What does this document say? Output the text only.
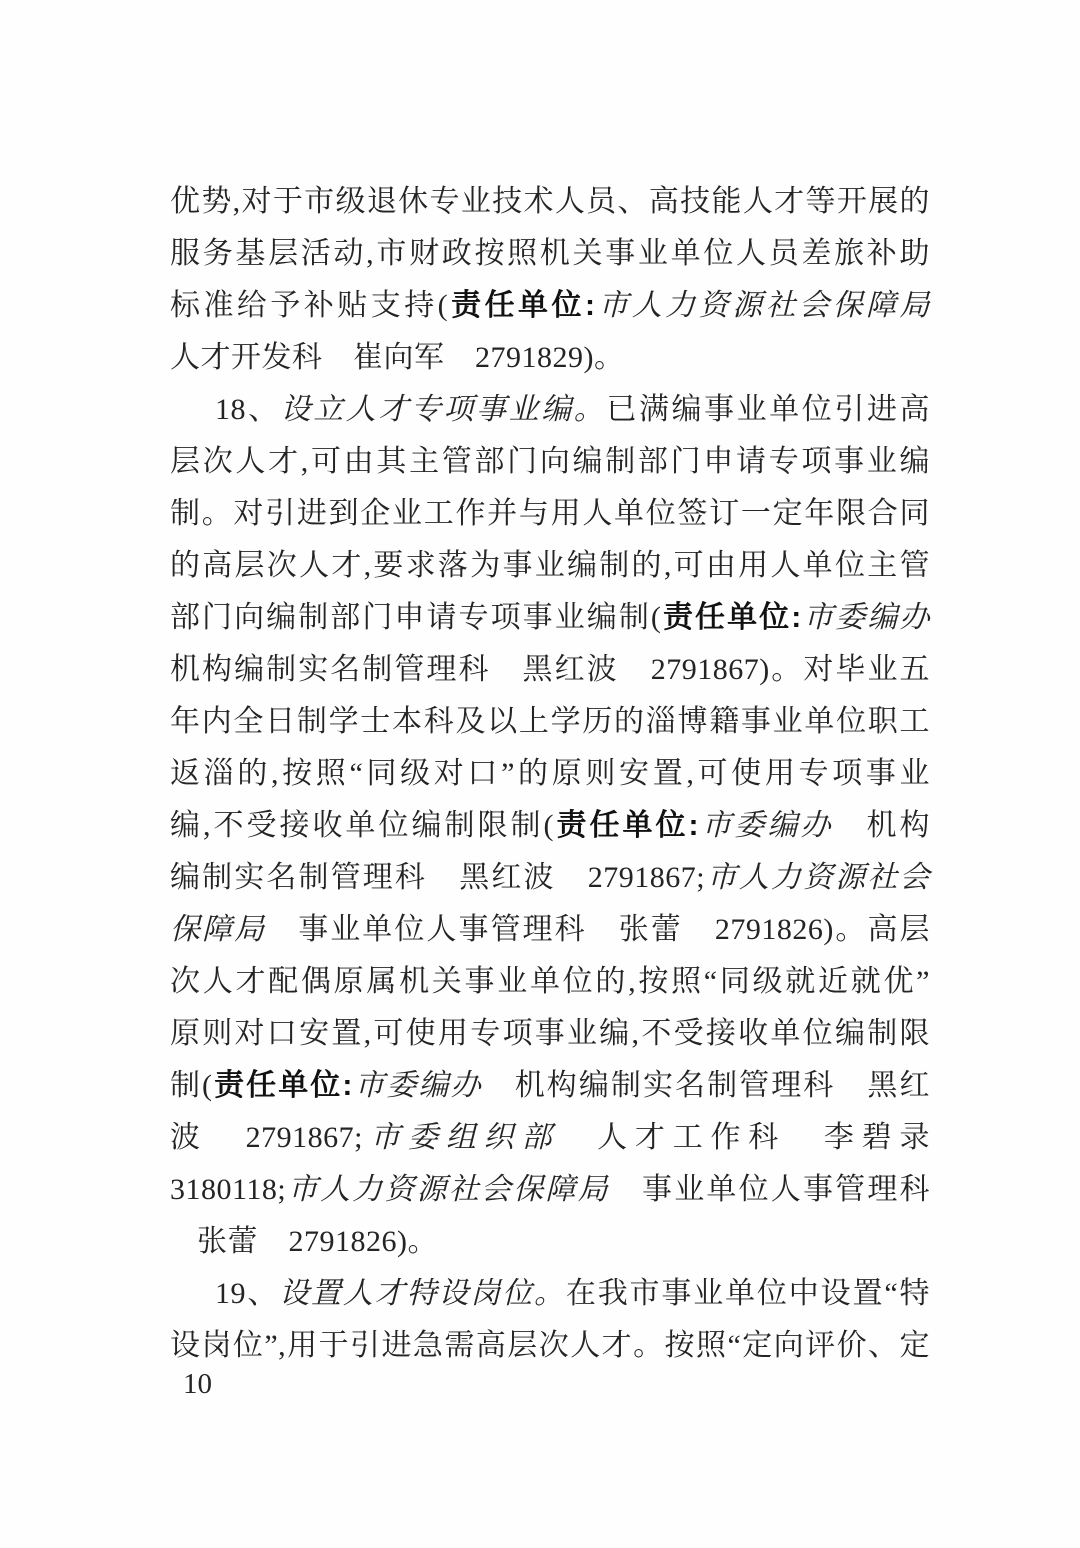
优势,对于市级退休专业技术人员、高技能人才等开展的
服务基层活动,市财政按照机关事业单位人员差旅补助
标准给予补贴支持(责任单位:市人力资源社会保障局
人才开发科　崔向军　2791829)。
18、设立人才专项事业编。已满编事业单位引进高
层次人才,可由其主管部门向编制部门申请专项事业编
制。对引进到企业工作并与用人单位签订一定年限合同
的高层次人才,要求落为事业编制的,可由用人单位主管
部门向编制部门申请专项事业编制(责任单位:市委编办
机构编制实名制管理科　黑红波　2791867)。对毕业五
年内全日制学士本科及以上学历的淄博籍事业单位职工
返淄的,按照“同级对口”的原则安置,可使用专项事业
编,不受接收单位编制限制(责任单位:市委编办　机构
编制实名制管理科　黑红波　2791867;市人力资源社会
保障局　事业单位人事管理科　张蕾　2791826)。高层
次人才配偶原属机关事业单位的,按照“同级就近就优”
原则对口安置,可使用专项事业编,不受接收单位编制限
制(责任单位:市委编办　机构编制实名制管理科　黑红
波　2791867;市委组织部　人才工作科　李碧录
3180118;市人力资源社会保障局　事业单位人事管理科
张蕾　2791826)。
19、设置人才特设岗位。在我市事业单位中设置“特
设岗位”,用于引进急需高层次人才。按照“定向评价、定
10
